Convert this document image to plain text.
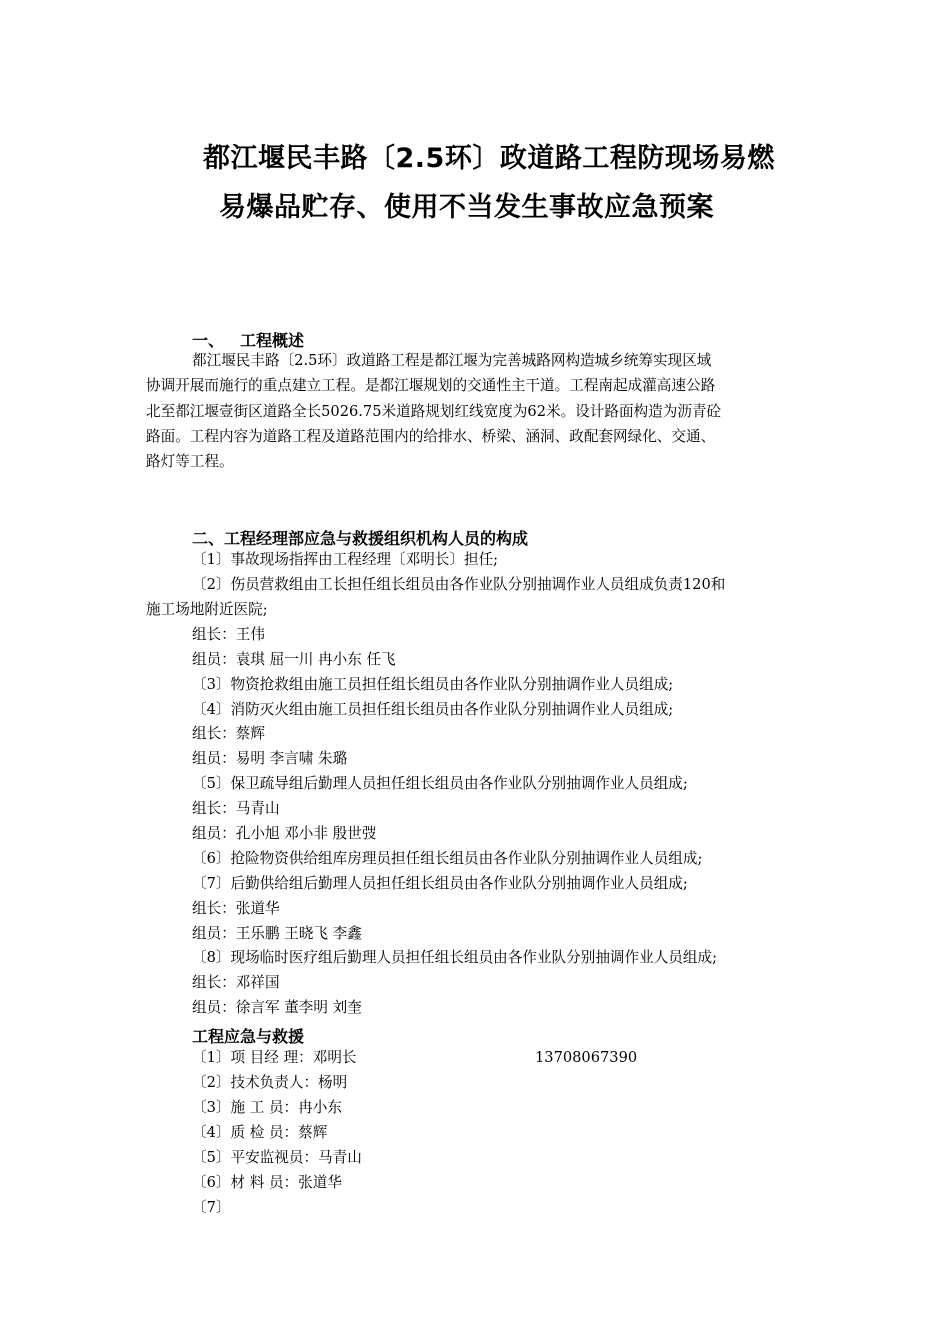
都江堰民丰路〔2.5环〕政道路工程防现场易燃
易爆品贮存、使用不当发生事故应急预案
一、 工程概述
都江堰民丰路〔2.5环〕政道路工程是都江堰为完善城路网构造城乡统筹实现区域
协调开展而施行的重点建立工程。是都江堰规划的交通性主干道。工程南起成灌高速公路
北至都江堰壹街区道路全长5026.75米道路规划红线宽度为62米。设计路面构造为沥青砼
路面。工程内容为道路工程及道路范围内的给排水、桥梁、涵洞、政配套网绿化、交通、
路灯等工程。
二、工程经理部应急与救援组织机构人员的构成
〔1〕事故现场指挥由工程经理〔邓明长〕担任;
〔2〕伤员营救组由工长担任组长组员由各作业队分别抽调作业人员组成负责120和
施工场地附近医院;
组长：王伟
组员：袁琪 屈一川 冉小东 任飞
〔3〕物资抢救组由施工员担任组长组员由各作业队分别抽调作业人员组成;
〔4〕消防灭火组由施工员担任组长组员由各作业队分别抽调作业人员组成;
组长：蔡辉
组员：易明 李言啸 朱璐
〔5〕保卫疏导组后勤理人员担任组长组员由各作业队分别抽调作业人员组成;
组长：马青山
组员：孔小旭 邓小非 殷世弢
〔6〕抢险物资供给组库房理员担任组长组员由各作业队分别抽调作业人员组成;
〔7〕后勤供给组后勤理人员担任组长组员由各作业队分别抽调作业人员组成;
组长：张道华
组员：王乐鹏 王晓飞 李鑫
〔8〕现场临时医疗组后勤理人员担任组长组员由各作业队分别抽调作业人员组成;
组长：邓祥国
组员：徐言军 董李明 刘奎
工程应急与救援
〔1〕项 目经 理：邓明长	13708067390
〔2〕技术负责人：杨明
〔3〕施 工 员：冉小东
〔4〕质 检 员：蔡辉
〔5〕平安监视员：马青山
〔6〕材 料 员：张道华
〔7〕
